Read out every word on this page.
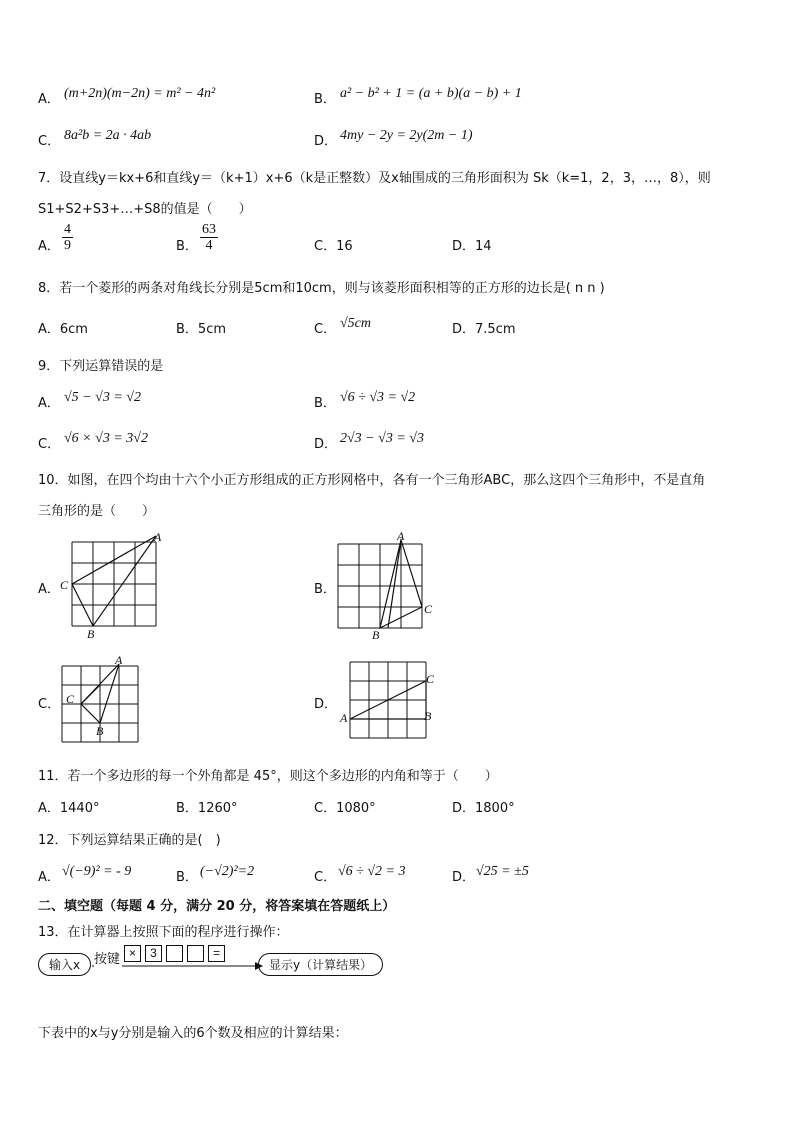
A． (m+2n)(m−2n) = m² − 4n²	B． a² − b² + 1 = (a + b)(a − b) + 1
C． 8a²b = 2a · 4ab	D． 4my − 2y = 2y(2m − 1)
7．设直线y＝kx+6和直线y＝（k+1）x+6（k是正整数）及x轴围成的三角形面积为 Sk（k=1，2，3，…，8），则
S1+S2+S3+…+S8的值是（　　）
A． $\frac{4}{9}$	B． $\frac{63}{4}$	C．16	D．14
8．若一个菱形的两条对角线长分别是5cm和10cm，则与该菱形面积相等的正方形的边长是( n n )
A．6cm	B．5cm	C． √5cm	D．7.5cm
9．下列运算错误的是
A． √5 − √3 = √2	B． √6 ÷ √3 = √2
C． √6 × √3 = 3√2	D． 2√3 − √3 = √3
10．如图，在四个均由十六个小正方形组成的正方形网格中，各有一个三角形ABC，那么这四个三角形中，不是直角
三角形的是（　　）
A．
A
C
B
B．
A
C
B
C．
A
C
B
D．
A
C
B
11．若一个多边形的每一个外角都是 45°，则这个多边形的内角和等于（　　）
A．1440°	B．1260°	C．1080°	D．1800°
12．下列运算结果正确的是(　)
A． √(−9)² = - 9	B． (−√2)²=2	C． √6 ÷ √2 = 3	D． √25 = ±5
二、填空题（每题 4 分，满分 20 分，将答案填在答题纸上）
13．在计算器上按照下面的程序进行操作：
输入x	按键 × 3	=
显示y（计算结果）
下表中的x与y分别是输入的6个数及相应的计算结果：
